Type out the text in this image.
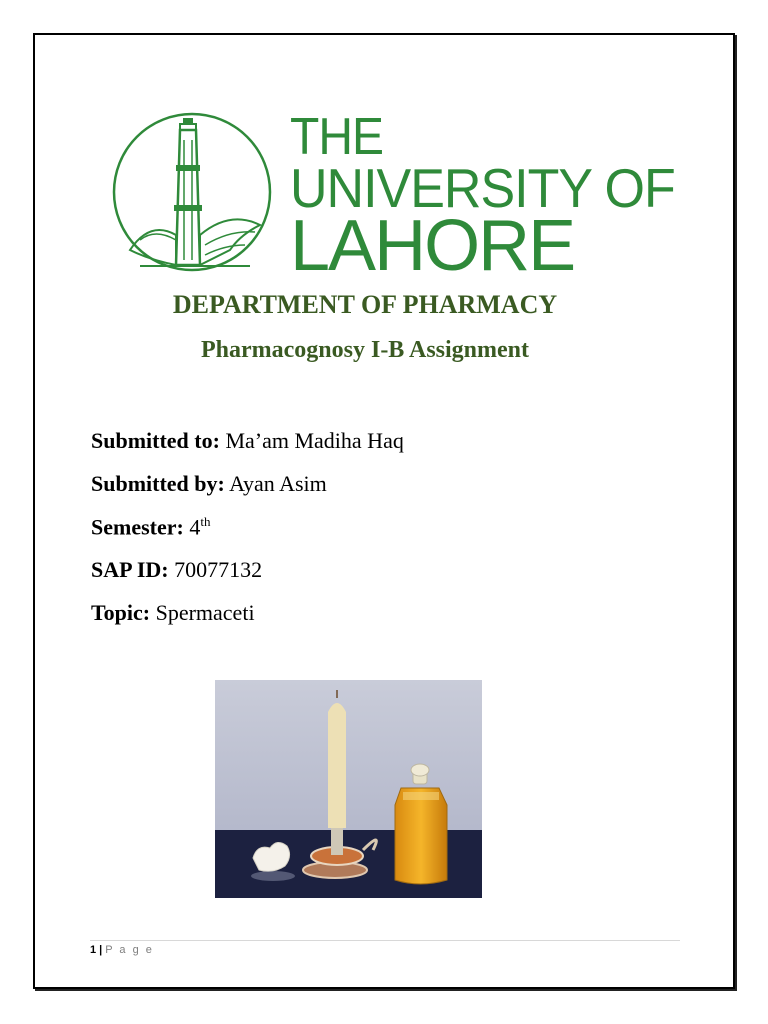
THE
UNIVERSITY OF
LAHORE
DEPARTMENT OF PHARMACY
Pharmacognosy I-B Assignment
Submitted to: Ma’am Madiha Haq
Submitted by: Ayan Asim
Semester: 4th
SAP ID: 70077132
Topic: Spermaceti
1 | P a g e
